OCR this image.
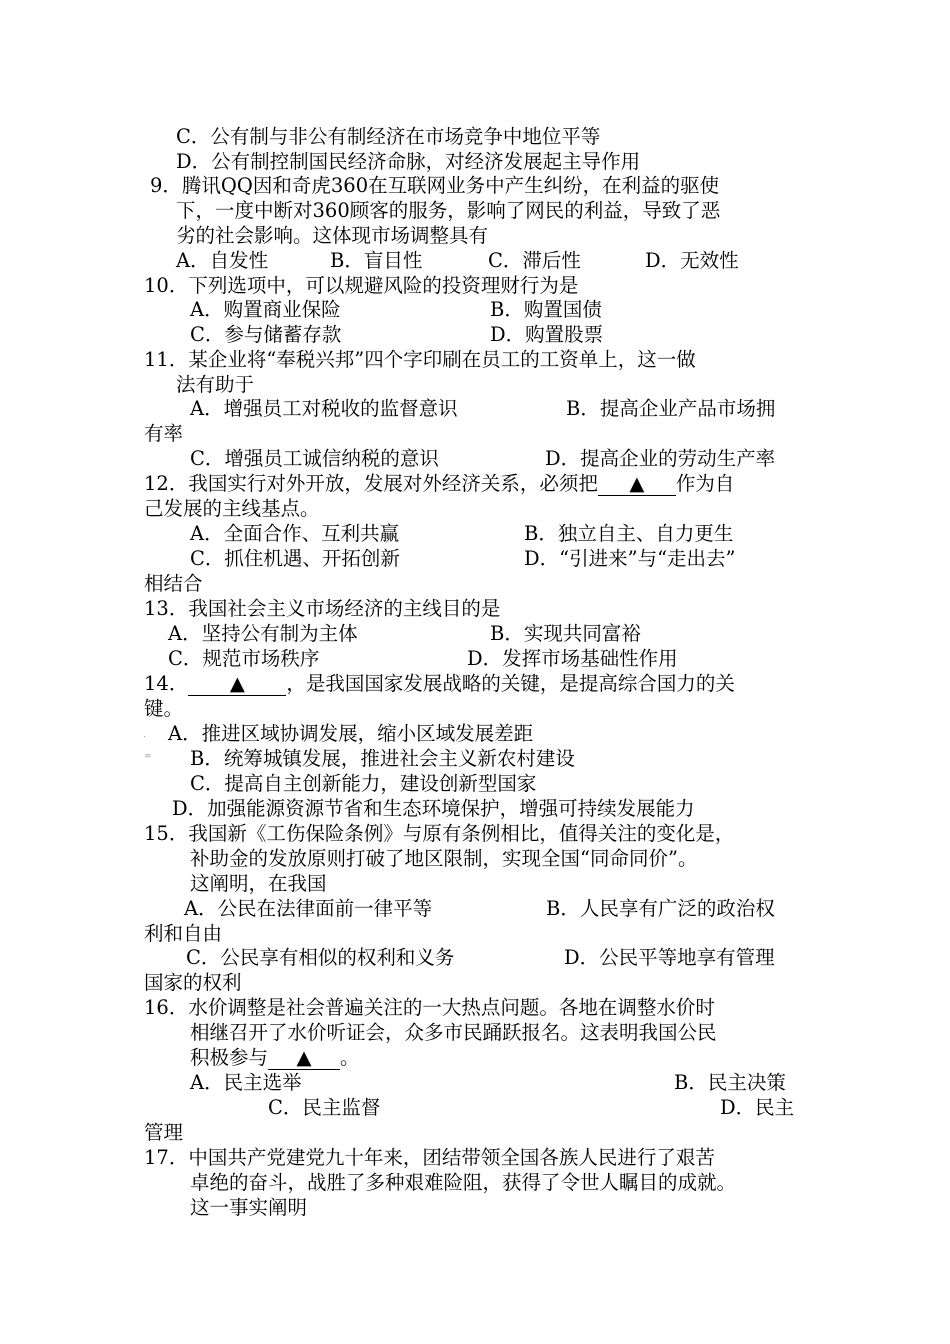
C．公有制与非公有制经济在市场竞争中地位平等
D．公有制控制国民经济命脉，对经济发展起主导作用
9．腾讯QQ因和奇虎360在互联网业务中产生纠纷，在利益的驱使
下，一度中断对360顾客的服务，影响了网民的利益，导致了恶
劣的社会影响。这体现市场调整具有
A．自发性	B．盲目性	C．滞后性	D．无效性
10．下列选项中，可以规避风险的投资理财行为是
A．购置商业保险	B．购置国债
C．参与储蓄存款	D．购置股票
11．某企业将“奉税兴邦”四个字印刷在员工的工资单上，这一做
法有助于
A．增强员工对税收的监督意识	B．提高企业产品市场拥
有率
C．增强员工诚信纳税的意识	D．提高企业的劳动生产率
12．我国实行对外开放，发展对外经济关系，必须把 ▲ 作为自
己发展的主线基点。
A．全面合作、互利共赢	B．独立自主、自力更生
C．抓住机遇、开拓创新	D．“引进来”与“走出去”
相结合
13．我国社会主义市场经济的主线目的是
A．坚持公有制为主体	B．实现共同富裕
C．规范市场秩序	D．发挥市场基础性作用
14． ▲ ，是我国国家发展战略的关键，是提高综合国力的关
键。
. A．推进区域协调发展，缩小区域发展差距
= B．统筹城镇发展，推进社会主义新农村建设
C．提高自主创新能力，建设创新型国家
D．加强能源资源节省和生态环境保护，增强可持续发展能力
15．我国新《工伤保险条例》与原有条例相比，值得关注的变化是，
补助金的发放原则打破了地区限制，实现全国“同命同价”。
这阐明，在我国
A．公民在法律面前一律平等	B．人民享有广泛的政治权
利和自由
C．公民享有相似的权利和义务	D．公民平等地享有管理
国家的权利
16．水价调整是社会普遍关注的一大热点问题。各地在调整水价时
相继召开了水价听证会，众多市民踊跃报名。这表明我国公民
积极参与 ▲ 。
A．民主选举	B．民主决策
C．民主监督	D．民主
管理
17．中国共产党建党九十年来，团结带领全国各族人民进行了艰苦
卓绝的奋斗，战胜了多种艰难险阻，获得了令世人瞩目的成就。
这一事实阐明
